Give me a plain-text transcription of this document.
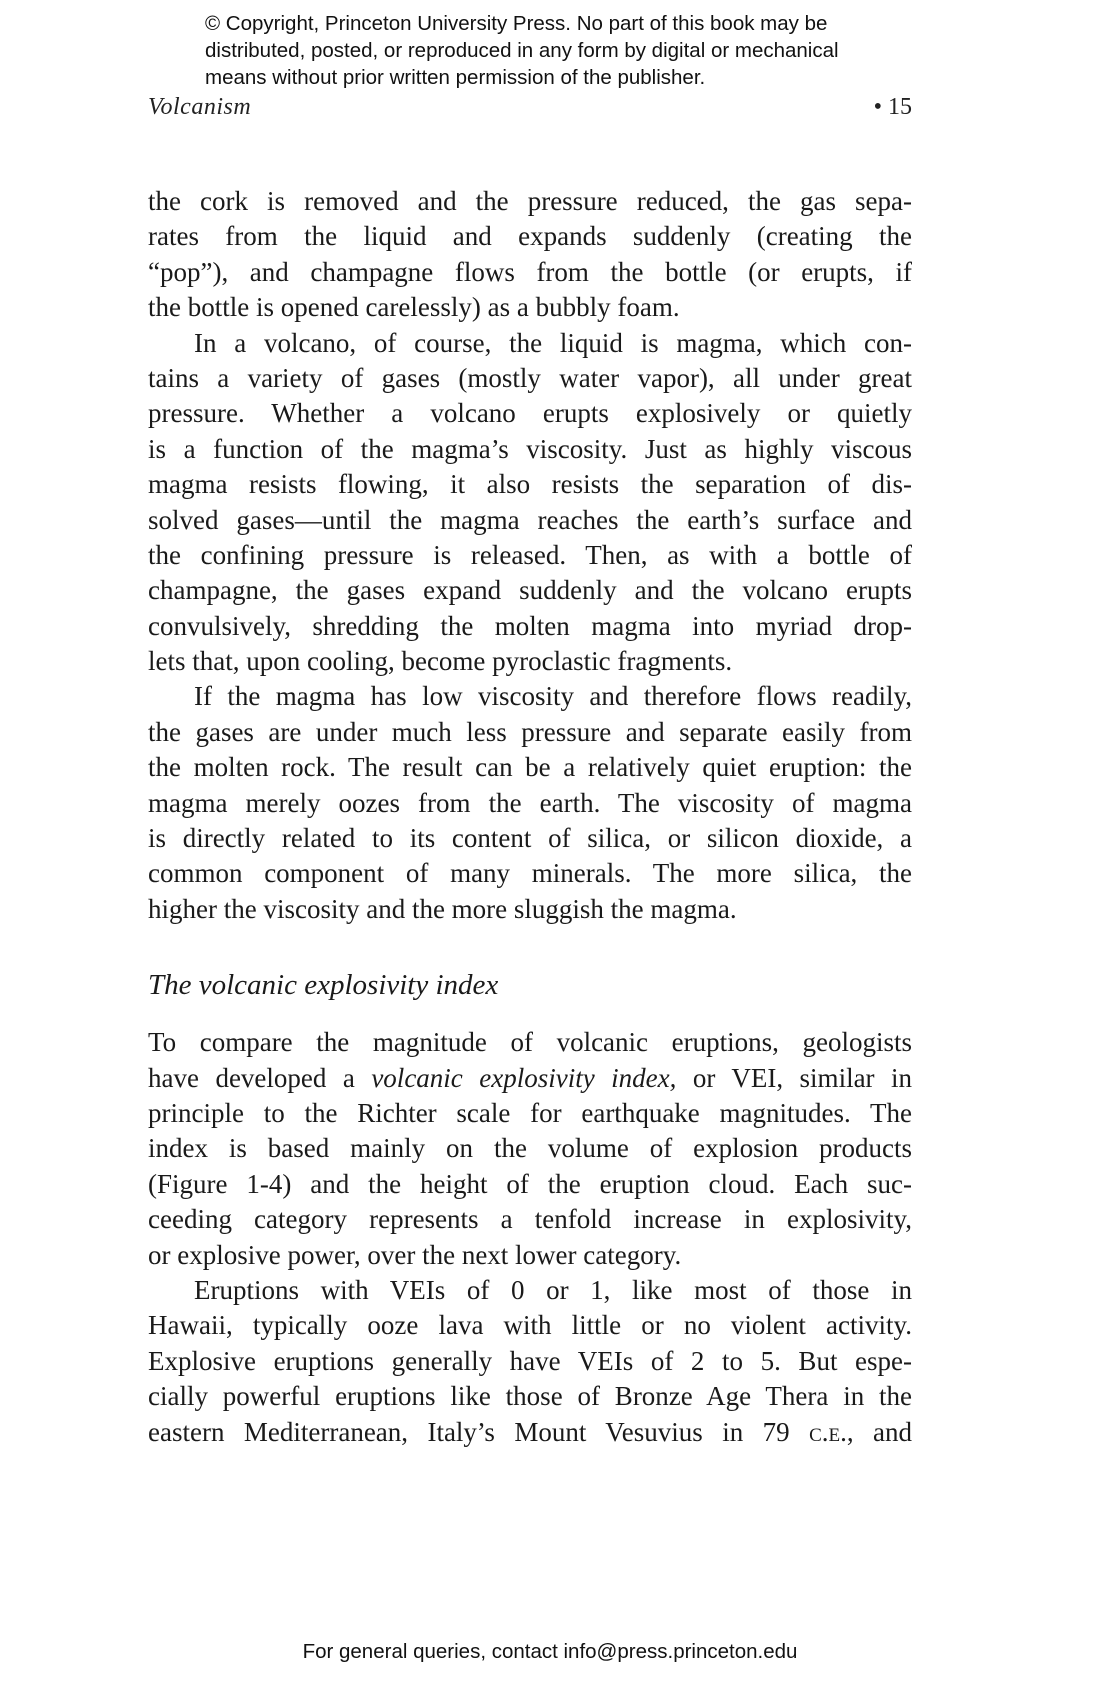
© Copyright, Princeton University Press. No part of this book may be
distributed, posted, or reproduced in any form by digital or mechanical
means without prior written permission of the publisher.
Volcanism	• 15
the cork is removed and the pressure reduced, the gas sepa-
rates from the liquid and expands suddenly (creating the
“pop”), and champagne flows from the bottle (or erupts, if
the bottle is opened carelessly) as a bubbly foam.
In a volcano, of course, the liquid is magma, which con-
tains a variety of gases (mostly water vapor), all under great
pressure. Whether a volcano erupts explosively or quietly
is a function of the magma’s viscosity. Just as highly viscous
magma resists flowing, it also resists the separation of dis-
solved gases—until the magma reaches the earth’s surface and
the confining pressure is released. Then, as with a bottle of
champagne, the gases expand suddenly and the volcano erupts
convulsively, shredding the molten magma into myriad drop-
lets that, upon cooling, become pyroclastic fragments.
If the magma has low viscosity and therefore flows readily,
the gases are under much less pressure and separate easily from
the molten rock. The result can be a relatively quiet eruption: the
magma merely oozes from the earth. The viscosity of magma
is directly related to its content of silica, or silicon dioxide, a
common component of many minerals. The more silica, the
higher the viscosity and the more sluggish the magma.
The volcanic explosivity index
To compare the magnitude of volcanic eruptions, geologists
have developed a volcanic explosivity index, or VEI, similar in
principle to the Richter scale for earthquake magnitudes. The
index is based mainly on the volume of explosion products
(Figure 1-4) and the height of the eruption cloud. Each suc-
ceeding category represents a tenfold increase in explosivity,
or explosive power, over the next lower category.
Eruptions with VEIs of 0 or 1, like most of those in
Hawaii, typically ooze lava with little or no violent activity.
Explosive eruptions generally have VEIs of 2 to 5. But espe-
cially powerful eruptions like those of Bronze Age Thera in the
eastern Mediterranean, Italy’s Mount Vesuvius in 79 c.e., and
For general queries, contact info@press.princeton.edu
